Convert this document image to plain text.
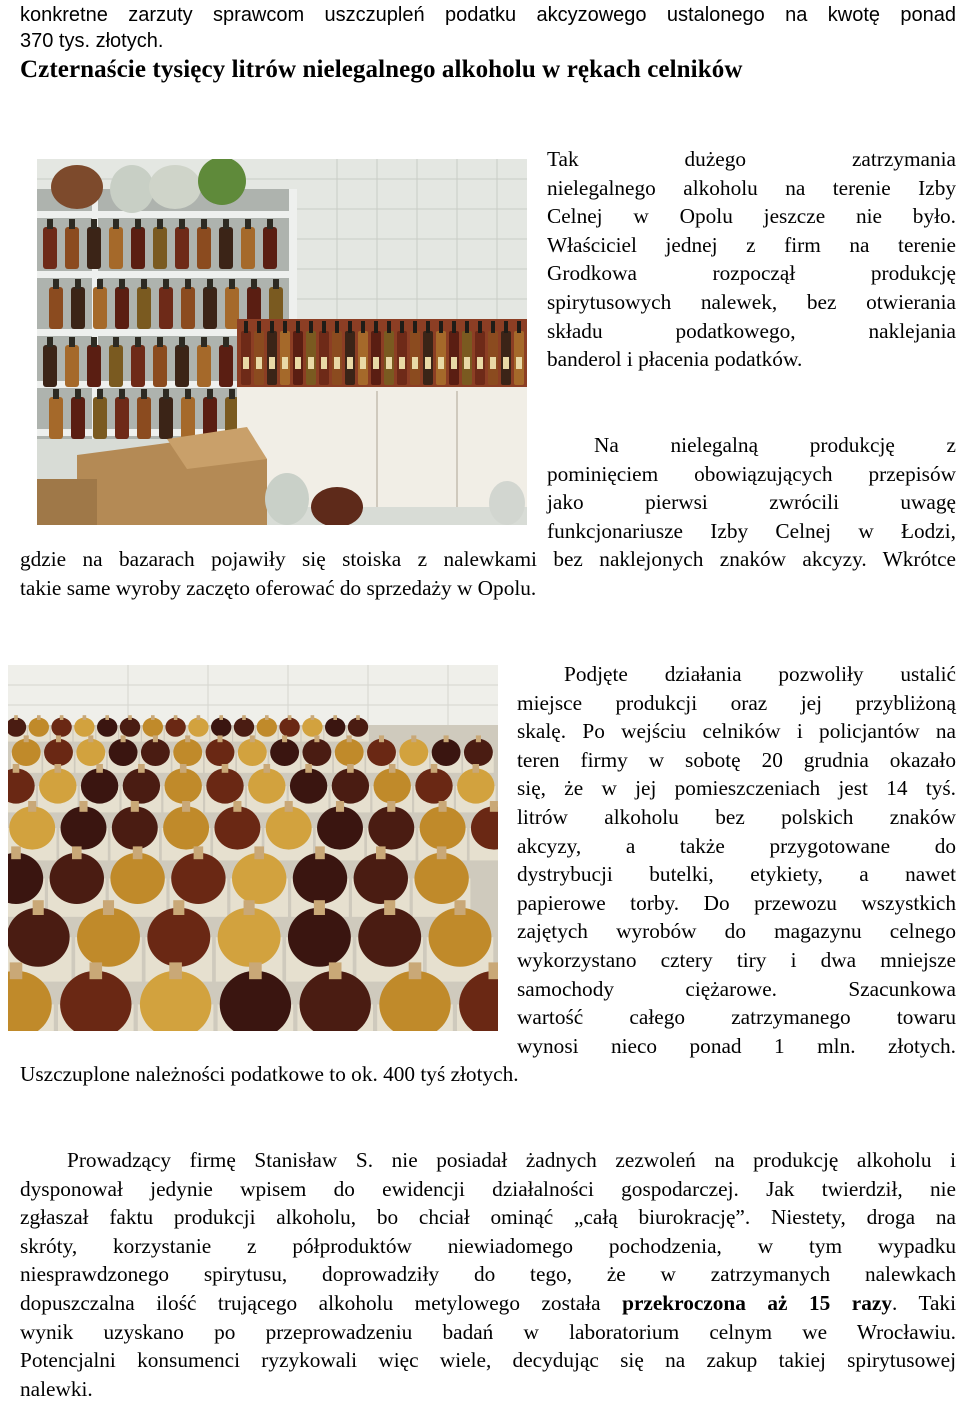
konkretne zarzuty sprawcom uszczupleń podatku akcyzowego ustalonego na kwotę ponad
370 tys. złotych.
Czternaście tysięcy litrów nielegalnego alkoholu w rękach celników
Tak dużego zatrzymania
nielegalnego alkoholu na terenie Izby
Celnej w Opolu jeszcze nie było.
Właściciel jednej z firm na terenie
Grodkowa rozpoczął produkcję
spirytusowych nalewek, bez otwierania
składu podatkowego, naklejania
banderol i płacenia podatków.
Na nielegalną produkcję z
pominięciem obowiązujących przepisów
jako pierwsi zwrócili uwagę
funkcjonariusze Izby Celnej w Łodzi,
gdzie na bazarach pojawiły się stoiska z nalewkami bez naklejonych znaków akcyzy. Wkrótce
takie same wyroby zaczęto oferować do sprzedaży w Opolu.
Podjęte działania pozwoliły ustalić
miejsce produkcji oraz jej przybliżoną
skalę. Po wejściu celników i policjantów na
teren firmy w sobotę 20 grudnia okazało
się, że w jej pomieszczeniach jest 14 tyś.
litrów alkoholu bez polskich znaków
akcyzy, a także przygotowane do
dystrybucji butelki, etykiety, a nawet
papierowe torby. Do przewozu wszystkich
zajętych wyrobów do magazynu celnego
wykorzystano cztery tiry i dwa mniejsze
samochody ciężarowe. Szacunkowa
wartość całego zatrzymanego towaru
wynosi nieco ponad 1 mln. złotych.
Uszczuplone należności podatkowe to ok. 400 tyś złotych.
Prowadzący firmę Stanisław S. nie posiadał żadnych zezwoleń na produkcję alkoholu i
dysponował jedynie wpisem do ewidencji działalności gospodarczej. Jak twierdził, nie
zgłaszał faktu produkcji alkoholu, bo chciał ominąć „całą biurokrację”. Niestety, droga na
skróty, korzystanie z półproduktów niewiadomego pochodzenia, w tym wypadku
niesprawdzonego spirytusu, doprowadziły do tego, że w zatrzymanych nalewkach
dopuszczalna ilość trującego alkoholu metylowego została przekroczona aż 15 razy. Taki
wynik uzyskano po przeprowadzeniu badań w laboratorium celnym we Wrocławiu.
Potencjalni konsumenci ryzykowali więc wiele, decydując się na zakup takiej spirytusowej
nalewki.
